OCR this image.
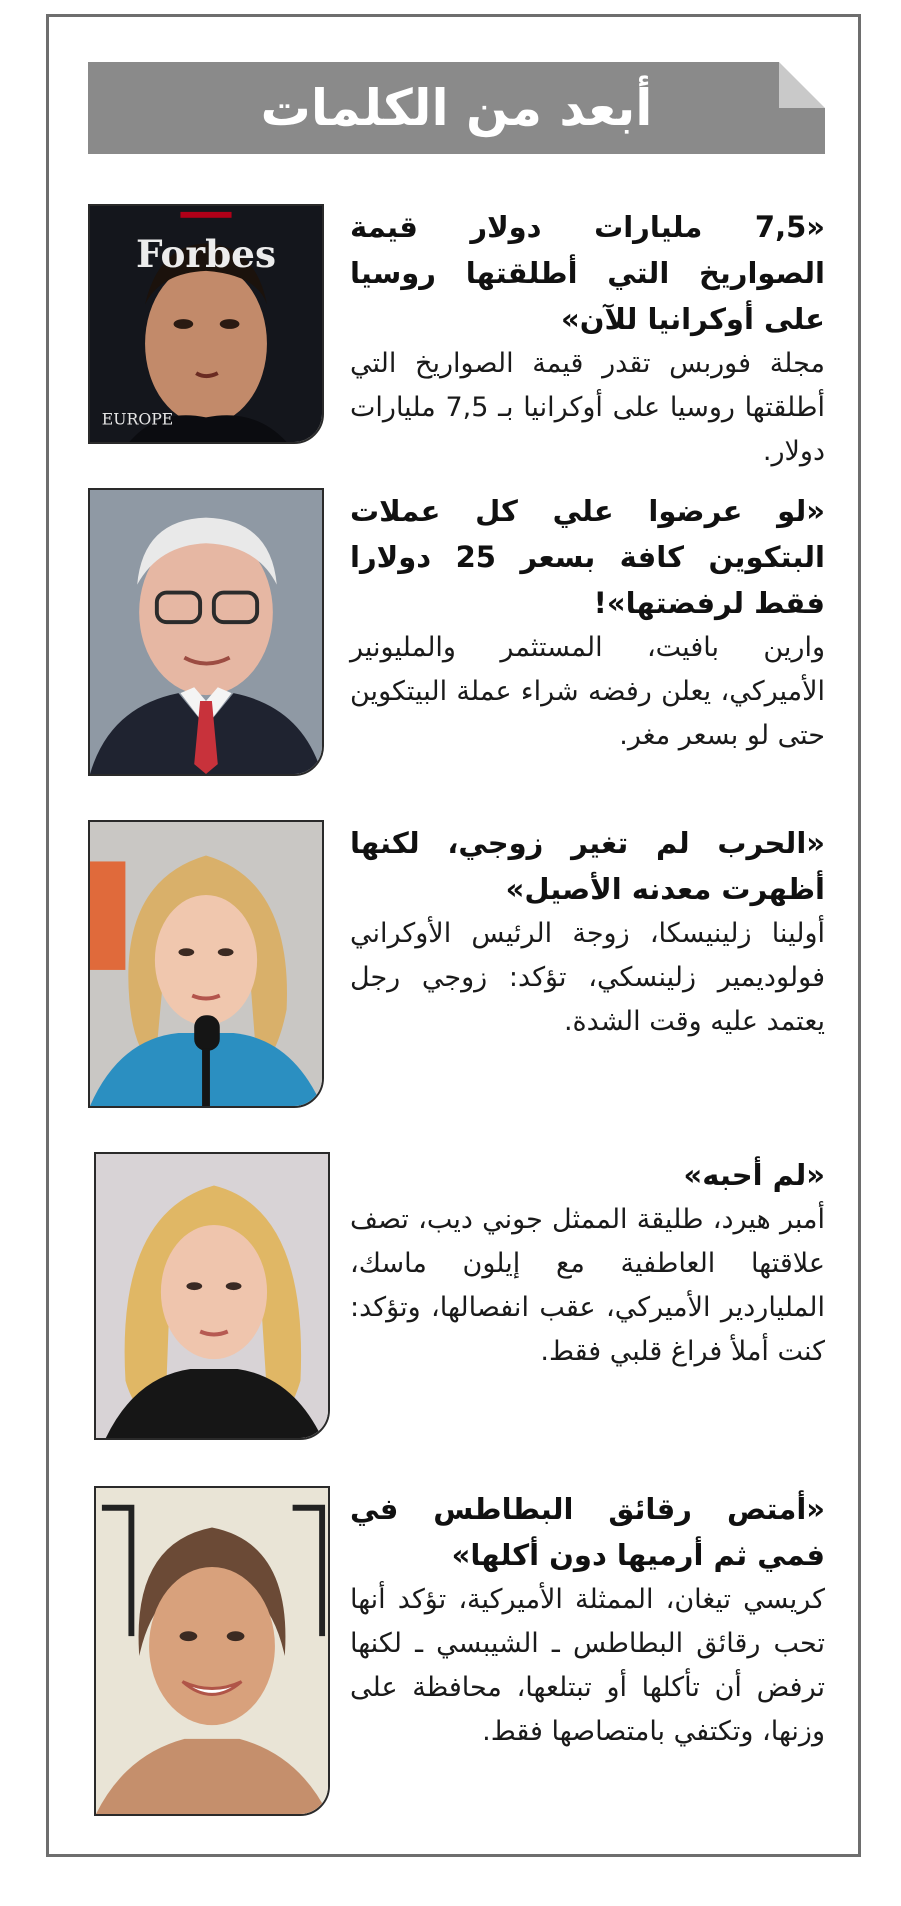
أبعد من الكلمات
Forbes
EUROPE
«7,5 مليارات دولار قيمة الصواريخ التي أطلقتها روسيا على أوكرانيا للآن»
مجلة فوربس تقدر قيمة الصواريخ التي أطلقتها روسيا على أوكرانيا بـ 7,5 مليارات دولار.
«لو عرضوا علي كل عملات البتكوين كافة بسعر 25 دولارا فقط لرفضتها»!
وارين بافيت، المستثمر والمليونير الأميركي، يعلن رفضه شراء عملة البيتكوين حتى لو بسعر مغر.
«الحرب لم تغير زوجي، لكنها أظهرت معدنه الأصيل»
أولينا زلينيسكا، زوجة الرئيس الأوكراني فولوديمير زلينسكي، تؤكد: زوجي رجل يعتمد عليه وقت الشدة.
«لم أحبه»
أمبر هيرد، طليقة الممثل جوني ديب، تصف علاقتها العاطفية مع إيلون ماسك، الملياردير الأميركي، عقب انفصالها، وتؤكد: كنت أملأ فراغ قلبي فقط.
«أمتص رقائق البطاطس في فمي ثم أرميها دون أكلها»
كريسي تيغان، الممثلة الأميركية، تؤكد أنها تحب رقائق البطاطس ـ الشيبسي ـ لكنها ترفض أن تأكلها أو تبتلعها، محافظة على وزنها، وتكتفي بامتصاصها فقط.
